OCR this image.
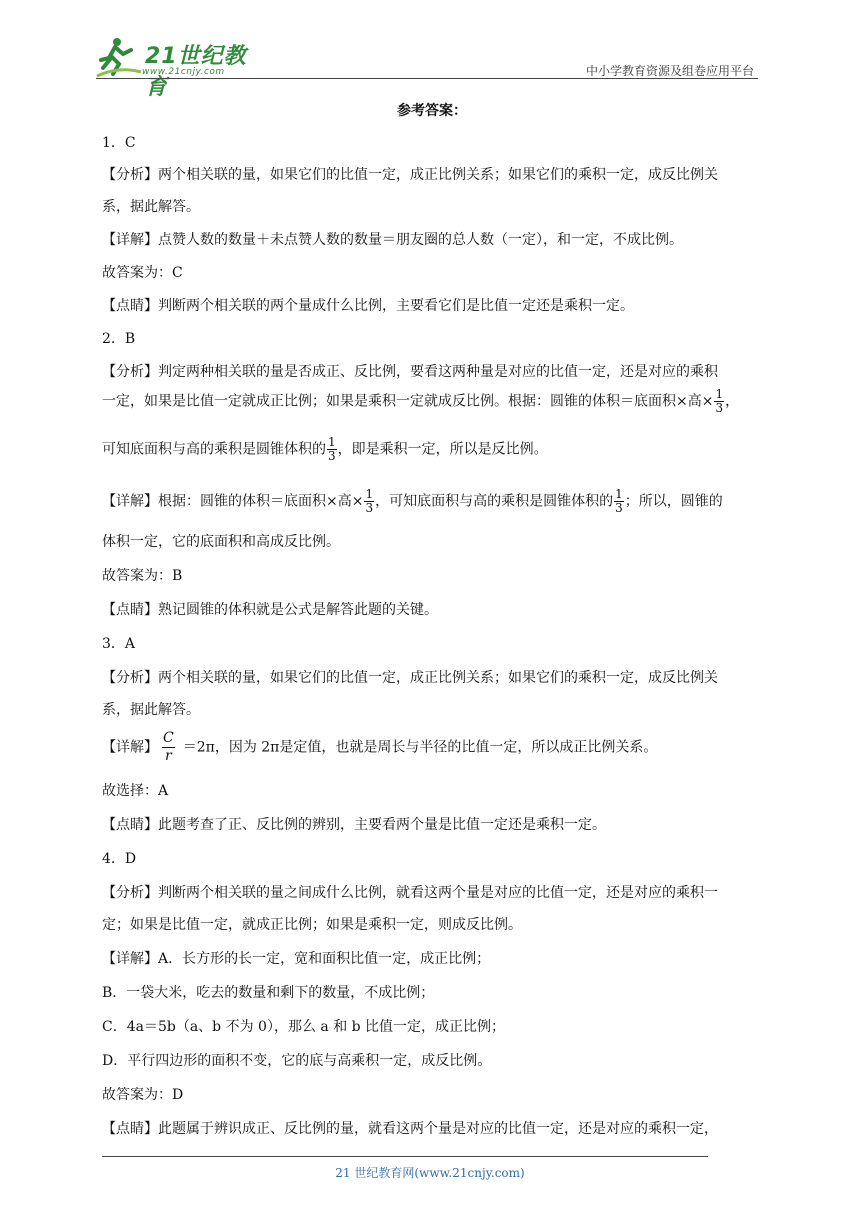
21世纪教育
www.21cnjy.com	中小学教育资源及组卷应用平台
参考答案：
1．C
【分析】两个相关联的量，如果它们的比值一定，成正比例关系；如果它们的乘积一定，成反比例关
系，据此解答。
【详解】点赞人数的数量＋未点赞人数的数量＝朋友圈的总人数（一定），和一定，不成比例。
故答案为：C
【点睛】判断两个相关联的两个量成什么比例，主要看它们是比值一定还是乘积一定。
2．B
【分析】判定两种相关联的量是否成正、反比例，要看这两种量是对应的比值一定，还是对应的乘积
一定，如果是比值一定就成正比例；如果是乘积一定就成反比例。根据：圆锥的体积＝底面积×高× $\frac{1}{3}$ ，
可知底面积与高的乘积是圆锥体积的 $\frac{1}{3}$ ，即是乘积一定，所以是反比例。
【详解】根据：圆锥的体积＝底面积×高× $\frac{1}{3}$ ，可知底面积与高的乘积是圆锥体积的 $\frac{1}{3}$ ；所以，圆锥的
体积一定，它的底面积和高成反比例。
故答案为：B
【点睛】熟记圆锥的体积就是公式是解答此题的关键。
3．A
【分析】两个相关联的量，如果它们的比值一定，成正比例关系；如果它们的乘积一定，成反比例关
系，据此解答。
【详解】 $\frac{C}{r} =2\pi$，因为 2π是定值，也就是周长与半径的比值一定，所以成正比例关系。
故选择：A
【点睛】此题考查了正、反比例的辨别，主要看两个量是比值一定还是乘积一定。
4．D
【分析】判断两个相关联的量之间成什么比例，就看这两个量是对应的比值一定，还是对应的乘积一
定；如果是比值一定，就成正比例；如果是乘积一定，则成反比例。
【详解】A．长方形的长一定，宽和面积比值一定，成正比例；
B．一袋大米，吃去的数量和剩下的数量，不成比例；
C．4a＝5b（a、b 不为 0），那么 a 和 b 比值一定，成正比例；
D．平行四边形的面积不变，它的底与高乘积一定，成反比例。
故答案为：D
【点睛】此题属于辨识成正、反比例的量，就看这两个量是对应的比值一定，还是对应的乘积一定，
21 世纪教育网(www.21cnjy.com)
